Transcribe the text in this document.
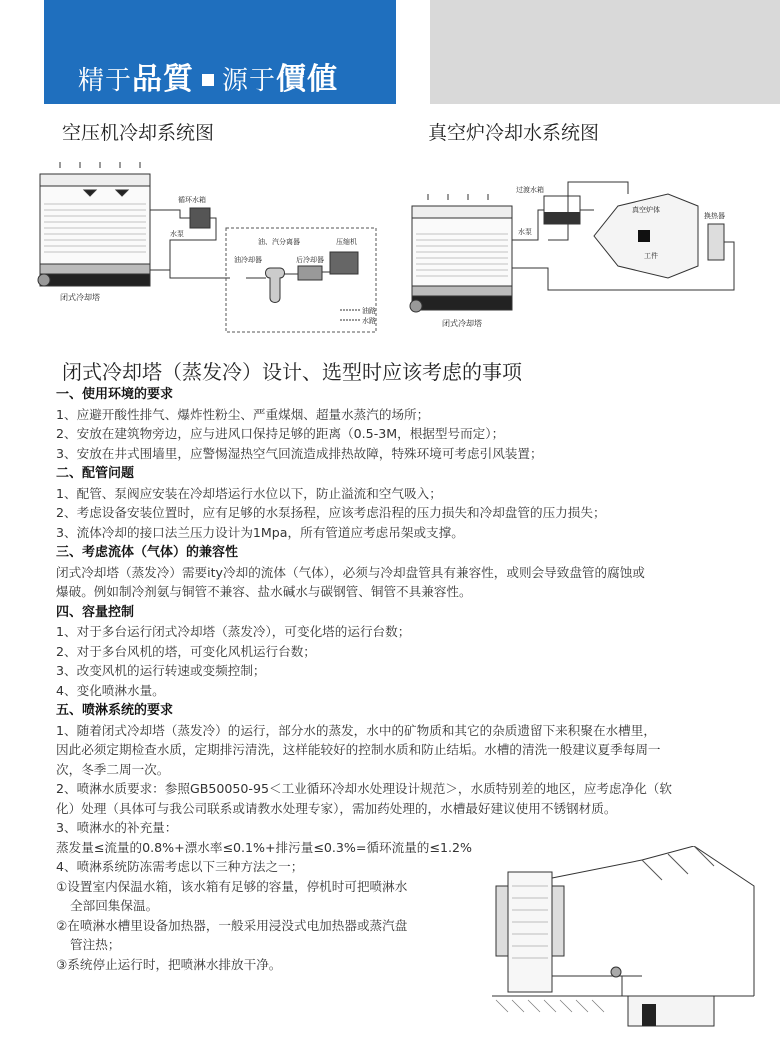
精于品質 源于價値
空压机冷却系统图	真空炉冷却水系统图
闭式冷却塔
循环水箱
水泵
油、汽分离器	压缩机
油冷却器	后冷却器
油路
水路	闭式冷却塔
过渡水箱
水泵
真空炉体
工件
换热器
闭式冷却塔（蒸发冷）设计、选型时应该考虑的事项
一、使用环境的要求
1、应避开酸性排气、爆炸性粉尘、严重煤烟、超量水蒸汽的场所；
2、安放在建筑物旁边，应与进风口保持足够的距离（0.5-3M，根据型号而定）；
3、安放在井式围墙里，应警惕湿热空气回流造成排热故障，特殊环境可考虑引风装置；
二、配管问题
1、配管、泵阀应安装在冷却塔运行水位以下，防止溢流和空气吸入；
2、考虑设备安装位置时，应有足够的水泵扬程，应该考虑沿程的压力损失和冷却盘管的压力损失；
3、流体冷却的接口法兰压力设计为1Mpa，所有管道应考虑吊架或支撑。
三、考虑流体（气体）的兼容性
闭式冷却塔（蒸发冷）需要ity冷却的流体（气体），必须与冷却盘管具有兼容性，或则会导致盘管的腐蚀或
爆破。例如制冷剂氨与铜管不兼容、盐水碱水与碳钢管、铜管不具兼容性。
四、容量控制
1、对于多台运行闭式冷却塔（蒸发冷），可变化塔的运行台数；
2、对于多台风机的塔，可变化风机运行台数；
3、改变风机的运行转速或变频控制；
4、变化喷淋水量。
五、喷淋系统的要求
1、随着闭式冷却塔（蒸发冷）的运行，部分水的蒸发，水中的矿物质和其它的杂质遗留下来积聚在水槽里，
因此必须定期检查水质，定期排污清洗，这样能较好的控制水质和防止结垢。水槽的清洗一般建议夏季每周一
次，冬季二周一次。
2、喷淋水质要求：参照GB50050-95＜工业循环冷却水处理设计规范＞，水质特别差的地区，应考虑净化（软
化）处理（具体可与我公司联系或请教水处理专家），需加药处理的，水槽最好建议使用不锈钢材质。
3、喷淋水的补充量：
蒸发量≤流量的0.8%+漂水率≤0.1%+排污量≤0.3%=循环流量的≤1.2%
4、喷淋系统防冻需考虑以下三种方法之一；
①设置室内保温水箱，该水箱有足够的容量，停机时可把喷淋水
全部回集保温。
②在喷淋水槽里设备加热器，一般采用浸没式电加热器或蒸汽盘
管注热；
③系统停止运行时，把喷淋水排放干净。
